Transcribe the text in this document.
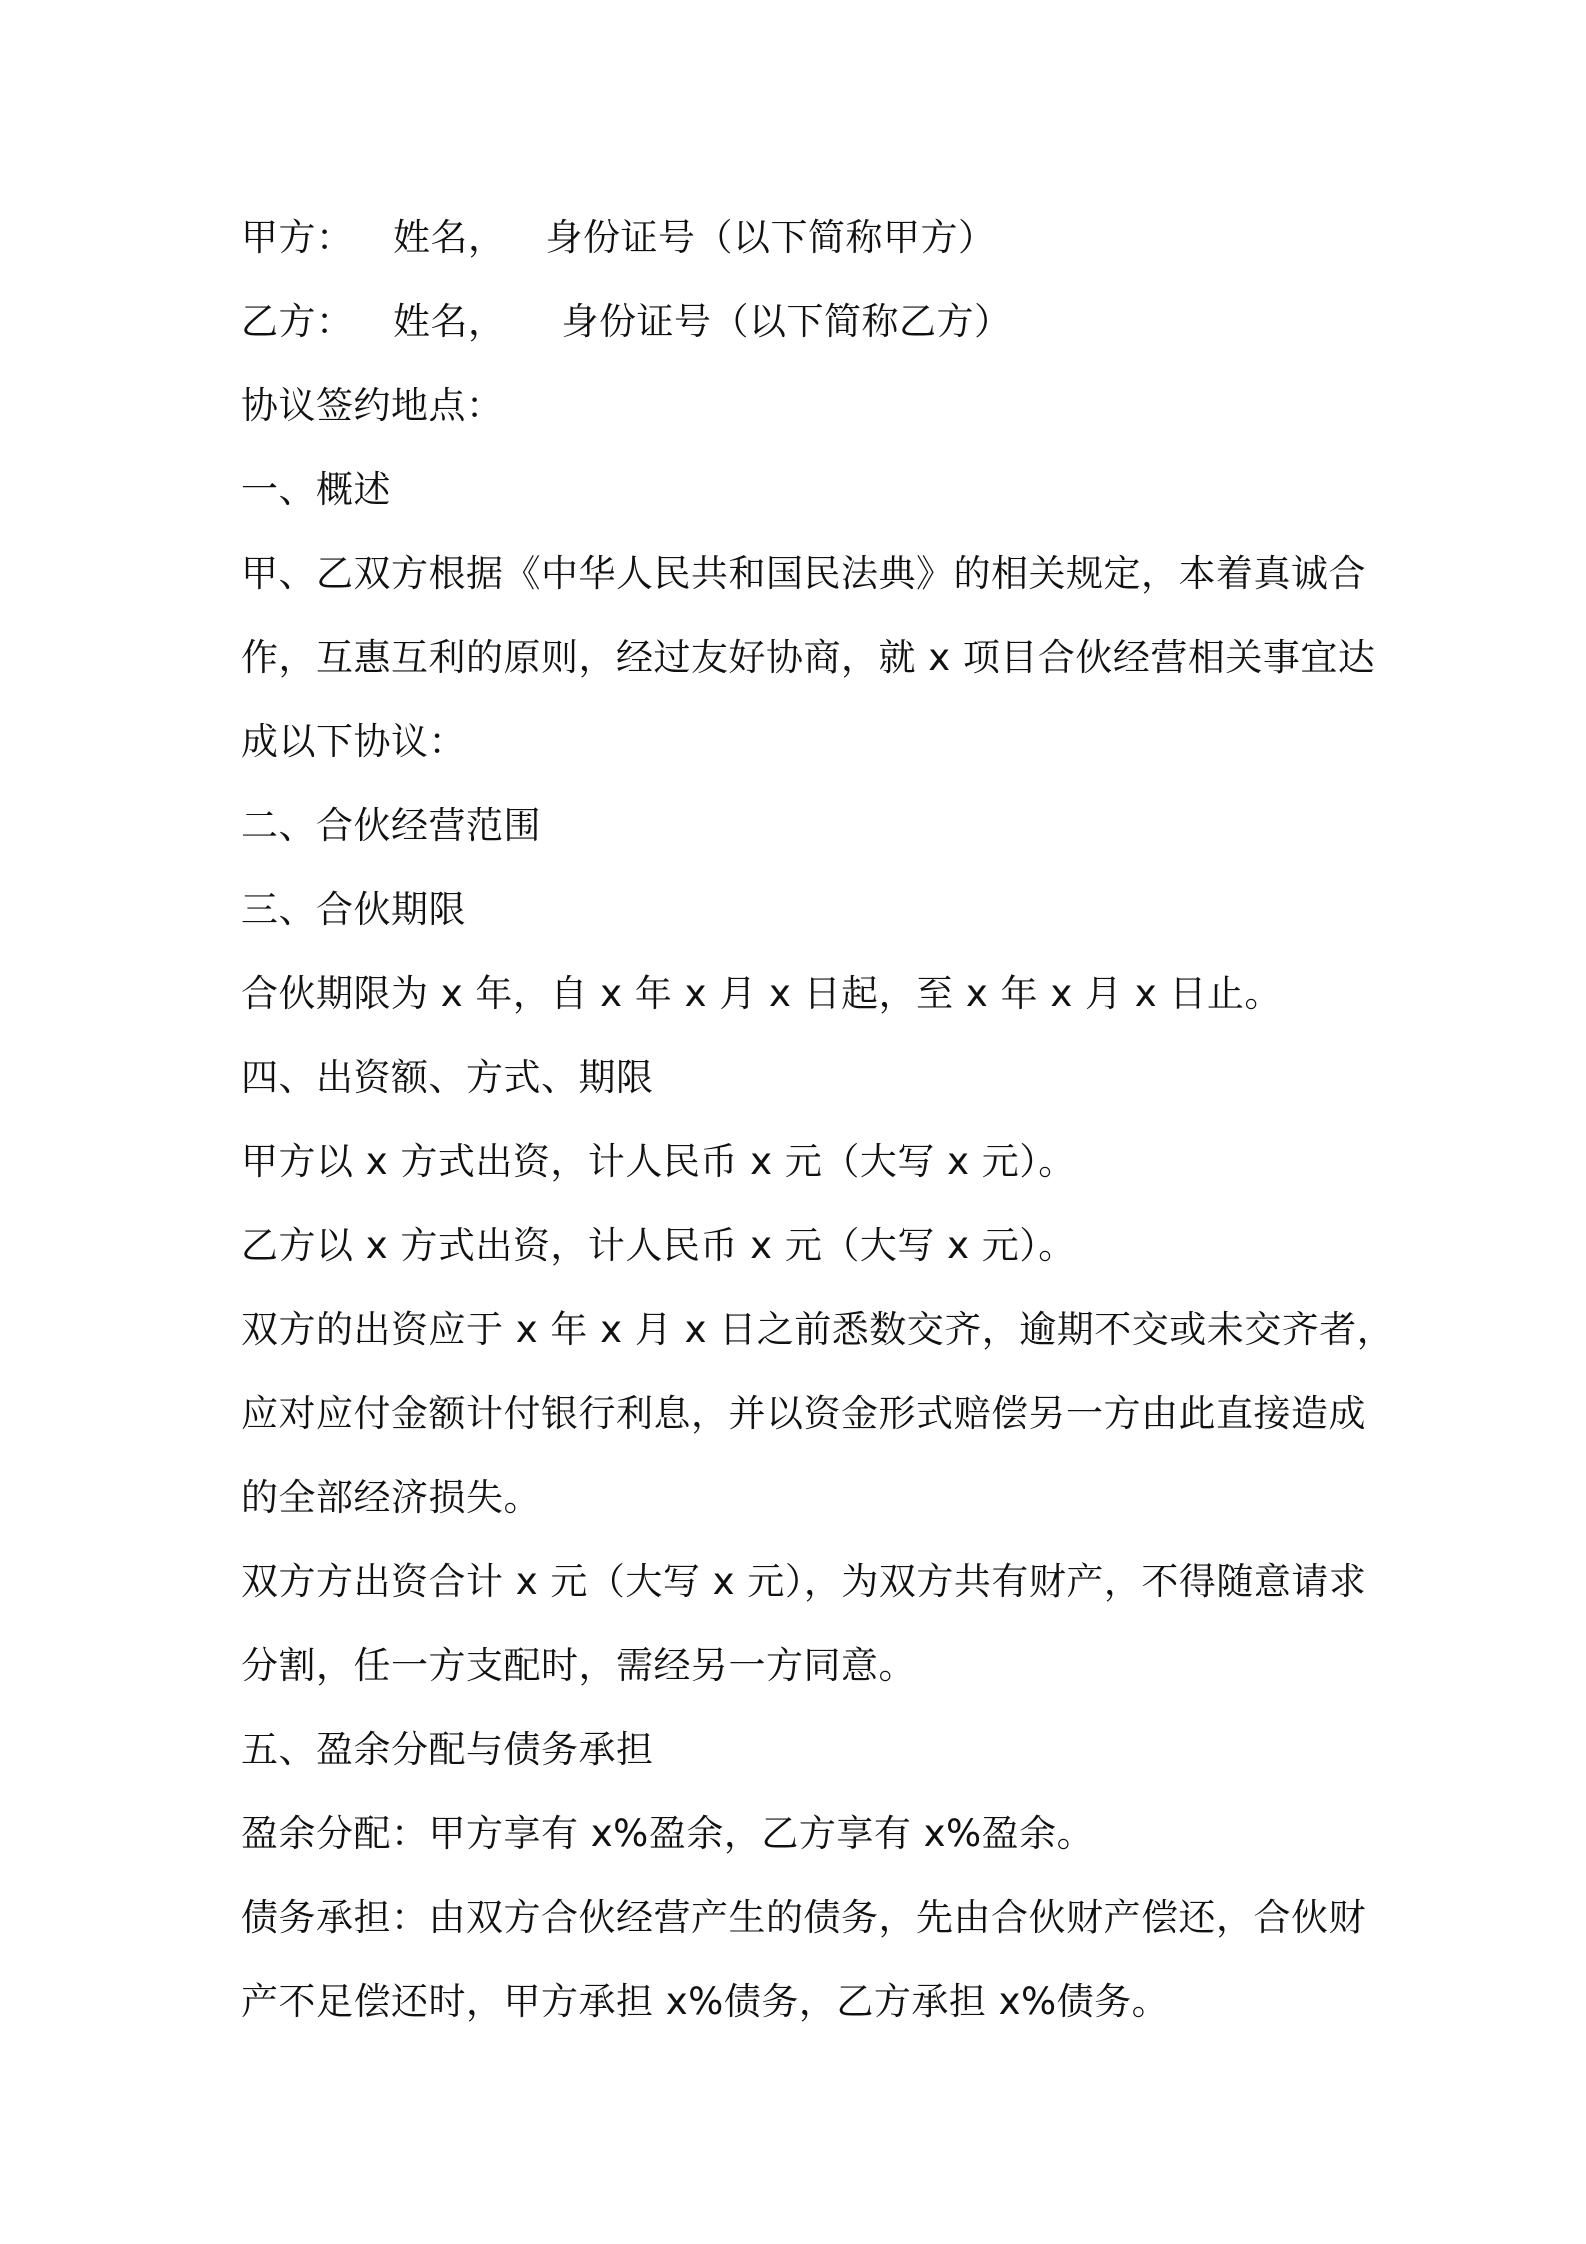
甲方：	姓名， 身份证号（以下简称甲方）
乙方：	姓名， 身份证号（以下简称乙方）
协议签约地点：
一、概述
甲、乙双方根据《中华人民共和国民法典》的相关规定，本着真诚合
作，互惠互利的原则，经过友好协商，就 x 项目合伙经营相关事宜达
成以下协议：
二、合伙经营范围
三、合伙期限
合伙期限为 x 年，自 x 年 x 月 x 日起，至 x 年 x 月 x 日止。
四、出资额、方式、期限
甲方以 x 方式出资，计人民币 x 元（大写 x 元）。
乙方以 x 方式出资，计人民币 x 元（大写 x 元）。
双方的出资应于 x 年 x 月 x 日之前悉数交齐，逾期不交或未交齐者，
应对应付金额计付银行利息，并以资金形式赔偿另一方由此直接造成
的全部经济损失。
双方方出资合计 x 元（大写 x 元），为双方共有财产，不得随意请求
分割，任一方支配时，需经另一方同意。
五、盈余分配与债务承担
盈余分配：甲方享有 x%盈余，乙方享有 x%盈余。
债务承担：由双方合伙经营产生的债务，先由合伙财产偿还，合伙财
产不足偿还时，甲方承担 x%债务，乙方承担 x%债务。
